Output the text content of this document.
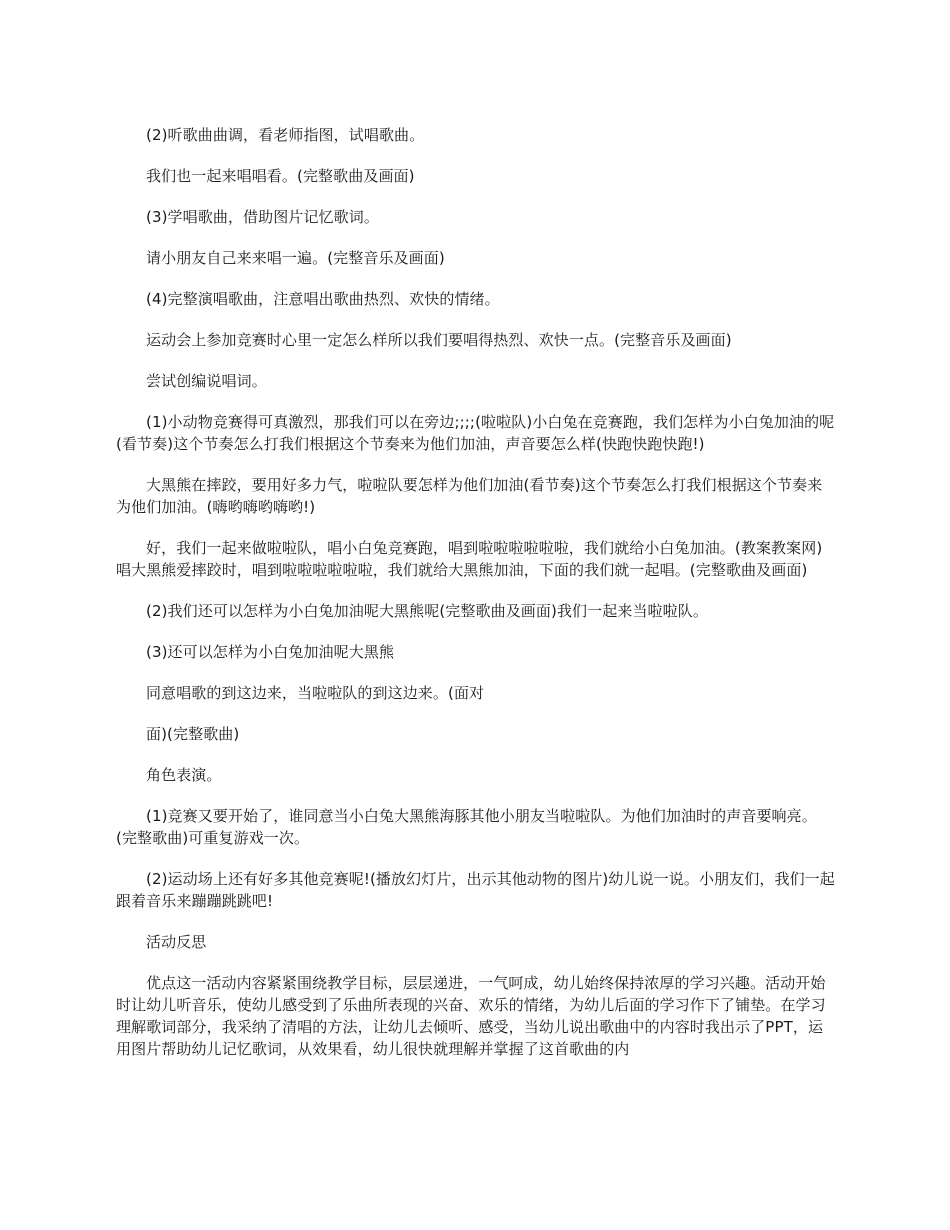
(2)听歌曲曲调，看老师指图，试唱歌曲。

我们也一起来唱唱看。(完整歌曲及画面)

(3)学唱歌曲，借助图片记忆歌词。

请小朋友自己来来唱一遍。(完整音乐及画面)

(4)完整演唱歌曲，注意唱出歌曲热烈、欢快的情绪。

运动会上参加竞赛时心里一定怎么样所以我们要唱得热烈、欢快一点。(完整音乐及画面)

尝试创编说唱词。

(1)小动物竞赛得可真激烈，那我们可以在旁边;;;;(啦啦队)小白兔在竞赛跑，我们怎样为小白兔加油的呢(看节奏)这个节奏怎么打我们根据这个节奏来为他们加油，声音要怎么样(快跑快跑快跑!)

大黑熊在摔跤，要用好多力气，啦啦队要怎样为他们加油(看节奏)这个节奏怎么打我们根据这个节奏来为他们加油。(嗨哟嗨哟嗨哟!)

好，我们一起来做啦啦队，唱小白兔竞赛跑，唱到啦啦啦啦啦啦，我们就给小白兔加油。(教案教案网)唱大黑熊爱摔跤时，唱到啦啦啦啦啦啦，我们就给大黑熊加油，下面的我们就一起唱。(完整歌曲及画面)

(2)我们还可以怎样为小白兔加油呢大黑熊呢(完整歌曲及画面)我们一起来当啦啦队。

(3)还可以怎样为小白兔加油呢大黑熊

同意唱歌的到这边来，当啦啦队的到这边来。(面对

面)(完整歌曲)

角色表演。

(1)竞赛又要开始了，谁同意当小白兔大黑熊海豚其他小朋友当啦啦队。为他们加油时的声音要响亮。(完整歌曲)可重复游戏一次。

(2)运动场上还有好多其他竞赛呢!(播放幻灯片，出示其他动物的图片)幼儿说一说。小朋友们，我们一起跟着音乐来蹦蹦跳跳吧!

活动反思

优点这一活动内容紧紧围绕教学目标，层层递进，一气呵成，幼儿始终保持浓厚的学习兴趣。活动开始时让幼儿听音乐，使幼儿感受到了乐曲所表现的兴奋、欢乐的情绪，为幼儿后面的学习作下了铺垫。在学习理解歌词部分，我采纳了清唱的方法，让幼儿去倾听、感受，当幼儿说出歌曲中的内容时我出示了PPT，运用图片帮助幼儿记忆歌词，从效果看，幼儿很快就理解并掌握了这首歌曲的内
